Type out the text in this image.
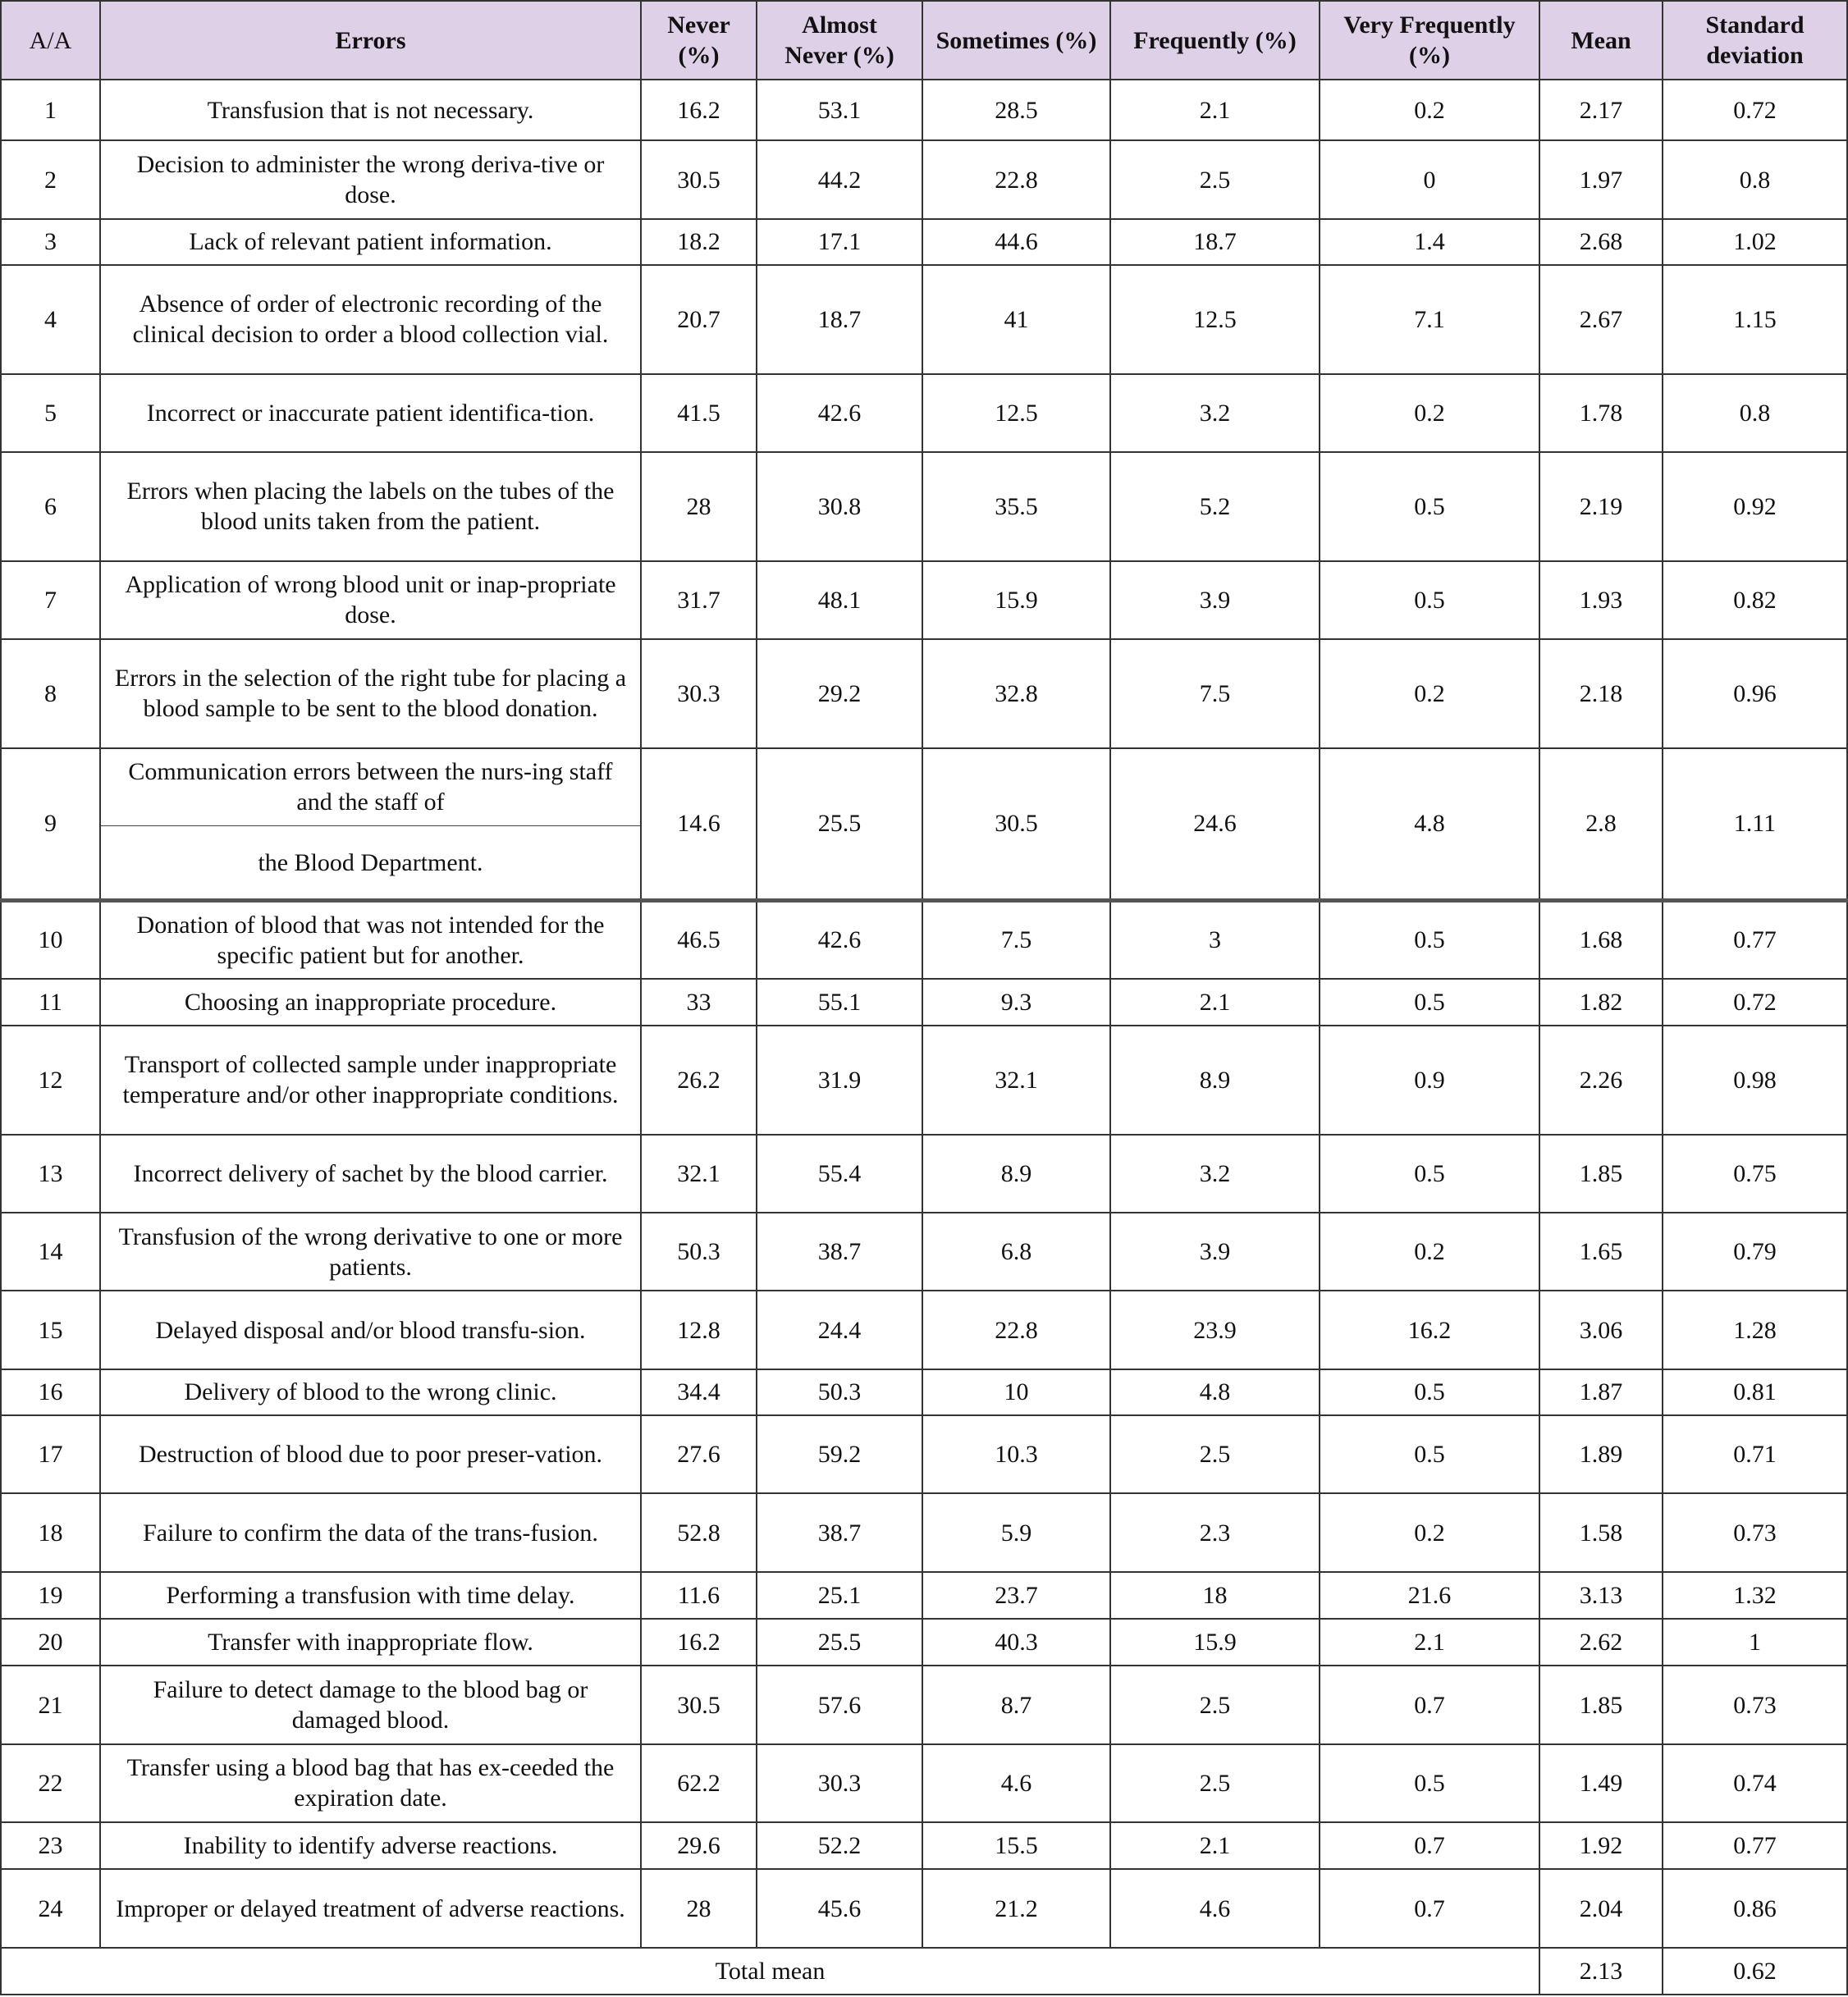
A/A	Errors	Never (%)	Almost Never (%)	Sometimes (%)	Frequently (%)	Very Frequently (%)	Mean	Standard deviation
1	Transfusion that is not necessary.	16.2	53.1	28.5	2.1	0.2	2.17	0.72
2	Decision to administer the wrong deriva-tive or dose.	30.5	44.2	22.8	2.5	0	1.97	0.8
3	Lack of relevant patient information.	18.2	17.1	44.6	18.7	1.4	2.68	1.02
4	Absence of order of electronic recording of the clinical decision to order a blood collection vial.	20.7	18.7	41	12.5	7.1	2.67	1.15
5	Incorrect or inaccurate patient identifica-tion.	41.5	42.6	12.5	3.2	0.2	1.78	0.8
6	Errors when placing the labels on the tubes of the blood units taken from the patient.	28	30.8	35.5	5.2	0.5	2.19	0.92
7	Application of wrong blood unit or inap-propriate dose.	31.7	48.1	15.9	3.9	0.5	1.93	0.82
8	Errors in the selection of the right tube for placing a blood sample to be sent to the blood donation.	30.3	29.2	32.8	7.5	0.2	2.18	0.96
9	Communication errors between the nurs-ing staff and the staff of	14.6	25.5	30.5	24.6	4.8	2.8	1.11
	the Blood Department.							
10	Donation of blood that was not intended for the specific patient but for another.	46.5	42.6	7.5	3	0.5	1.68	0.77
11	Choosing an inappropriate procedure.	33	55.1	9.3	2.1	0.5	1.82	0.72
12	Transport of collected sample under inappropriate temperature and/or other inappropriate conditions.	26.2	31.9	32.1	8.9	0.9	2.26	0.98
13	Incorrect delivery of sachet by the blood carrier.	32.1	55.4	8.9	3.2	0.5	1.85	0.75
14	Transfusion of the wrong derivative to one or more patients.	50.3	38.7	6.8	3.9	0.2	1.65	0.79
15	Delayed disposal and/or blood transfu-sion.	12.8	24.4	22.8	23.9	16.2	3.06	1.28
16	Delivery of blood to the wrong clinic.	34.4	50.3	10	4.8	0.5	1.87	0.81
17	Destruction of blood due to poor preser-vation.	27.6	59.2	10.3	2.5	0.5	1.89	0.71
18	Failure to confirm the data of the trans-fusion.	52.8	38.7	5.9	2.3	0.2	1.58	0.73
19	Performing a transfusion with time delay.	11.6	25.1	23.7	18	21.6	3.13	1.32
20	Transfer with inappropriate flow.	16.2	25.5	40.3	15.9	2.1	2.62	1
21	Failure to detect damage to the blood bag or damaged blood.	30.5	57.6	8.7	2.5	0.7	1.85	0.73
22	Transfer using a blood bag that has ex-ceeded the expiration date.	62.2	30.3	4.6	2.5	0.5	1.49	0.74
23	Inability to identify adverse reactions.	29.6	52.2	15.5	2.1	0.7	1.92	0.77
24	Improper or delayed treatment of adverse reactions.	28	45.6	21.2	4.6	0.7	2.04	0.86
Total mean							2.13	0.62
